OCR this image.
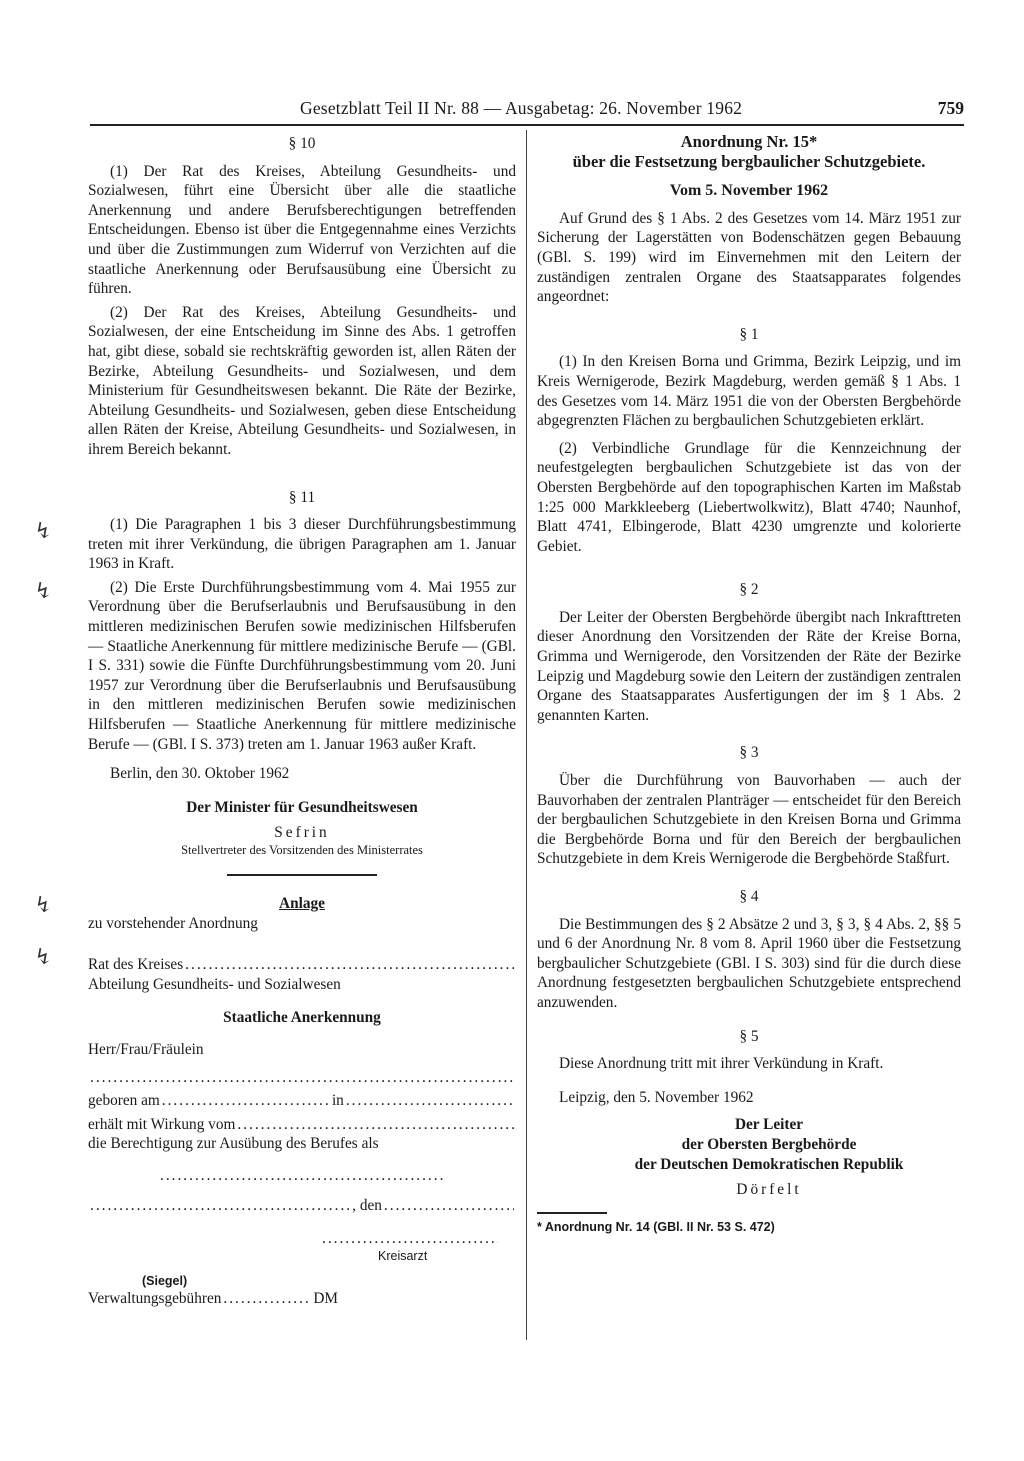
Gesetzblatt Teil II Nr. 88 — Ausgabetag: 26. November 1962	759
↯
↯
↯
↯

§ 10

(1) Der Rat des Kreises, Abteilung Gesundheits- und Sozialwesen, führt eine Übersicht über alle die staatliche Anerkennung und andere Berufsberechtigungen betreffenden Entscheidungen. Ebenso ist über die Entgegennahme eines Verzichts und über die Zustimmungen zum Widerruf von Verzichten auf die staatliche Anerkennung oder Berufsausübung eine Übersicht zu führen.

(2) Der Rat des Kreises, Abteilung Gesundheits- und Sozialwesen, der eine Entscheidung im Sinne des Abs. 1 getroffen hat, gibt diese, sobald sie rechtskräftig geworden ist, allen Räten der Bezirke, Abteilung Gesundheits- und Sozialwesen, und dem Ministerium für Gesundheitswesen bekannt. Die Räte der Bezirke, Abteilung Gesundheits- und Sozialwesen, geben diese Entscheidung allen Räten der Kreise, Abteilung Gesundheits- und Sozialwesen, in ihrem Bereich bekannt.

§ 11

(1) Die Paragraphen 1 bis 3 dieser Durchführungsbestimmung treten mit ihrer Verkündung, die übrigen Paragraphen am 1. Januar 1963 in Kraft.

(2) Die Erste Durchführungsbestimmung vom 4. Mai 1955 zur Verordnung über die Berufserlaubnis und Berufsausübung in den mittleren medizinischen Berufen sowie medizinischen Hilfsberufen — Staatliche Anerkennung für mittlere medizinische Berufe — (GBl. I S. 331) sowie die Fünfte Durchführungsbestimmung vom 20. Juni 1957 zur Verordnung über die Berufserlaubnis und Berufsausübung in den mittleren medizinischen Berufen sowie medizinischen Hilfsberufen — Staatliche Anerkennung für mittlere medizinische Berufe — (GBl. I S. 373) treten am 1. Januar 1963 außer Kraft.

Berlin, den 30. Oktober 1962

Der Minister für Gesundheitswesen

Sefrin

Stellvertreter des Vorsitzenden des Ministerrates

Anlage

zu vorstehender Anordnung

Rat des Kreises
.....

Abteilung Gesundheits- und Sozialwesen

Staatliche Anerkennung

Herr/Frau/Fräulein

.....
geboren am .....	in
.....
erhält mit Wirkung vom
.....

die Berechtigung zur Ausübung des Berufes als

.....
.....
, den
.....
.....

Kreisarzt

(Siegel)

Verwaltungsgebühren .....	DM

Anordnung Nr. 15*

über die Festsetzung bergbaulicher Schutzgebiete.

Vom 5. November 1962

Auf Grund des § 1 Abs. 2 des Gesetzes vom 14. März 1951 zur Sicherung der Lagerstätten von Bodenschätzen gegen Bebauung (GBl. S. 199) wird im Einvernehmen mit den Leitern der zuständigen zentralen Organe des Staatsapparates folgendes angeordnet:

§ 1

(1) In den Kreisen Borna und Grimma, Bezirk Leipzig, und im Kreis Wernigerode, Bezirk Magdeburg, werden gemäß § 1 Abs. 1 des Gesetzes vom 14. März 1951 die von der Obersten Bergbehörde abgegrenzten Flächen zu bergbaulichen Schutzgebieten erklärt.

(2) Verbindliche Grundlage für die Kennzeichnung der neufestgelegten bergbaulichen Schutzgebiete ist das von der Obersten Bergbehörde auf den topographischen Karten im Maßstab 1:25 000 Markkleeberg (Liebertwolkwitz), Blatt 4740; Naunhof, Blatt 4741, Elbingerode, Blatt 4230 umgrenzte und kolorierte Gebiet.

§ 2

Der Leiter der Obersten Bergbehörde übergibt nach Inkrafttreten dieser Anordnung den Vorsitzenden der Räte der Kreise Borna, Grimma und Wernigerode, den Vorsitzenden der Räte der Bezirke Leipzig und Magdeburg sowie den Leitern der zuständigen zentralen Organe des Staatsapparates Ausfertigungen der im § 1 Abs. 2 genannten Karten.

§ 3

Über die Durchführung von Bauvorhaben — auch der Bauvorhaben der zentralen Planträger — entscheidet für den Bereich der bergbaulichen Schutzgebiete in den Kreisen Borna und Grimma die Bergbehörde Borna und für den Bereich der bergbaulichen Schutzgebiete in dem Kreis Wernigerode die Bergbehörde Staßfurt.

§ 4

Die Bestimmungen des § 2 Absätze 2 und 3, § 3, § 4 Abs. 2, §§ 5 und 6 der Anordnung Nr. 8 vom 8. April 1960 über die Festsetzung bergbaulicher Schutzgebiete (GBl. I S. 303) sind für die durch diese Anordnung festgesetzten bergbaulichen Schutzgebiete entsprechend anzuwenden.

§ 5

Diese Anordnung tritt mit ihrer Verkündung in Kraft.

Leipzig, den 5. November 1962

Der Leiter

der Obersten Bergbehörde

der Deutschen Demokratischen Republik

Dörfelt

* Anordnung Nr. 14 (GBl. II Nr. 53 S. 472)
